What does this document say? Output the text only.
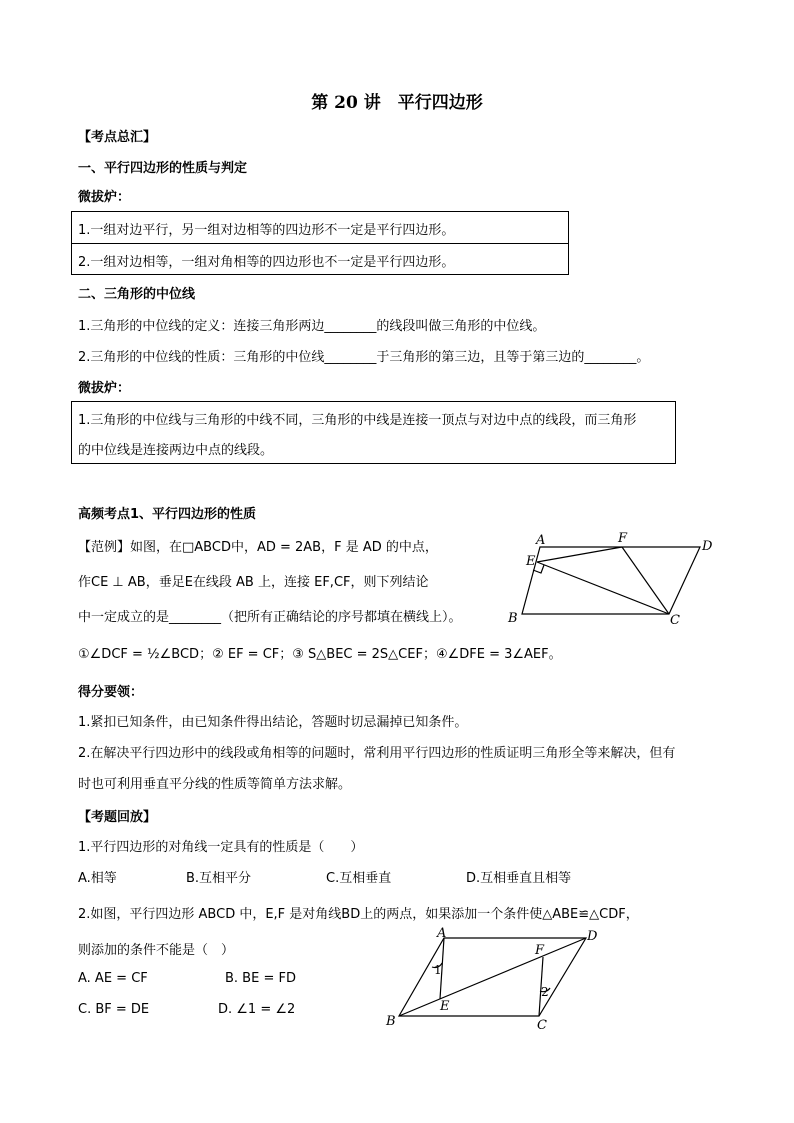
第 20 讲　平行四边形
【考点总汇】
一、平行四边形的性质与判定
微拔炉：
1.一组对边平行，另一组对边相等的四边形不一定是平行四边形。
2.一组对边相等，一组对角相等的四边形也不一定是平行四边形。
二、三角形的中位线
1.三角形的中位线的定义：连接三角形两边________的线段叫做三角形的中位线。
2.三角形的中位线的性质：三角形的中位线________于三角形的第三边，且等于第三边的________。
微拔炉：
1.三角形的中位线与三角形的中线不同，三角形的中线是连接一顶点与对边中点的线段，而三角形
的中位线是连接两边中点的线段。
高频考点1、平行四边形的性质
【范例】如图，在□ABCD中，AD = 2AB，F 是 AD 的中点，
作CE ⊥ AB，垂足E在线段 AB 上，连接 EF,CF，则下列结论
中一定成立的是________（把所有正确结论的序号都填在横线上）。
①∠DCF = ½∠BCD；② EF = CF；③ S△BEC = 2S△CEF；④∠DFE = 3∠AEF。
A	F
D
E
B	C
得分要领：
1.紧扣已知条件，由已知条件得出结论，答题时切忌漏掉已知条件。
2.在解决平行四边形中的线段或角相等的问题时，常利用平行四边形的性质证明三角形全等来解决，但有
时也可利用垂直平分线的性质等简单方法求解。
【考题回放】
1.平行四边形的对角线一定具有的性质是（　　）
A.相等	B.互相平分	C.互相垂直	D.互相垂直且相等
2.如图，平行四边形 ABCD 中，E,F 是对角线BD上的两点，如果添加一个条件使△ABE≌△CDF，
则添加的条件不能是（　）
A. AE = CF	B. BE = FD
C. BF = DE	D. ∠1 = ∠2
A	D
F
E
B	C
1
2
